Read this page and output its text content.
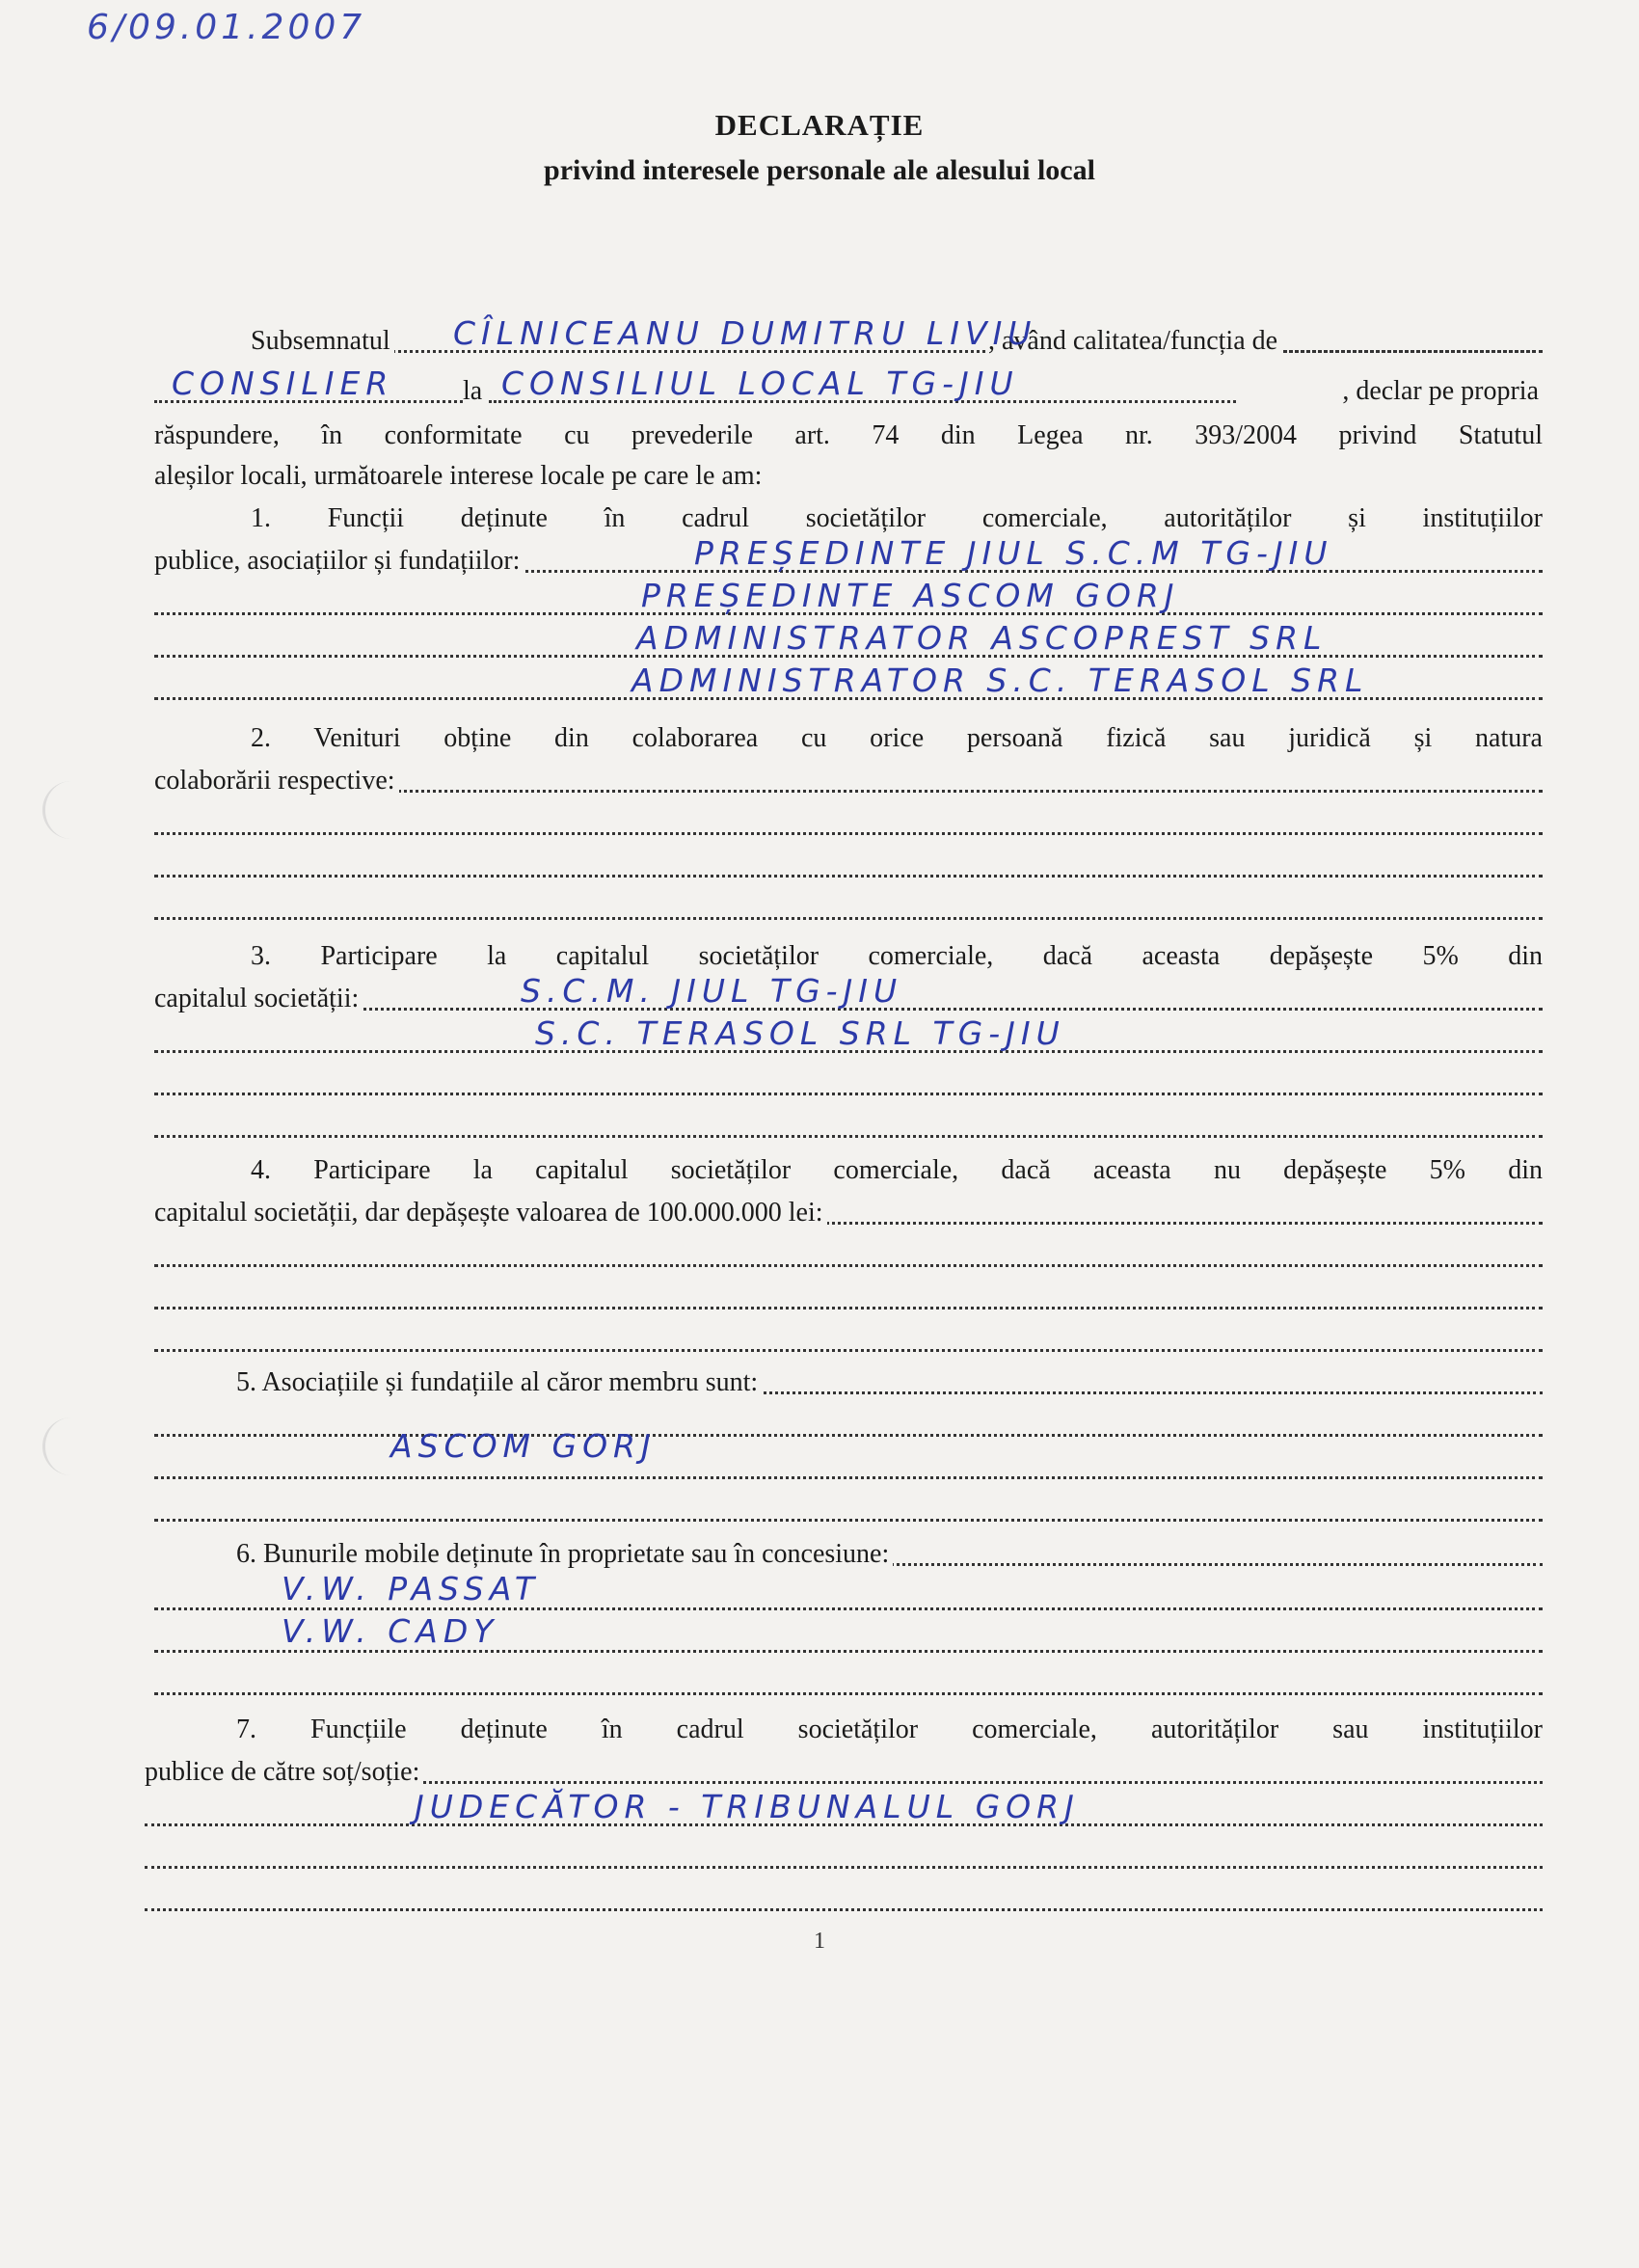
6/09.01.2007
DECLARAȚIE
privind interesele personale ale alesului local
Subsemnatul	CÎLNICEANU DUMITRU LIVIU
, având calitatea/funcția de
CONSILIER	la CONSILIUL LOCAL TG-JIU	, declar pe propria
răspundere, în conformitate cu prevederile art. 74 din Legea nr. 393/2004 privind Statutul
aleșilor locali, următoarele interese locale pe care le am:
1. Funcții deținute în cadrul societăților comerciale, autorităților și instituțiilor
publice, asociațiilor și fundațiilor:	PREȘEDINTE JIUL S.C.M TG-JIU
PREȘEDINTE ASCOM GORJ
ADMINISTRATOR ASCOPREST SRL
ADMINISTRATOR S.C. TERASOL SRL
2. Venituri obține din colaborarea cu orice persoană fizică sau juridică și natura
colaborării respective:
3. Participare la capitalul societăților comerciale, dacă aceasta depășește 5% din
capitalul societății:	S.C.M. JIUL TG-JIU
S.C. TERASOL SRL TG-JIU
4. Participare la capitalul societăților comerciale, dacă aceasta nu depășește 5% din
capitalul societății, dar depășește valoarea de 100.000.000 lei:
5. Asociațiile și fundațiile al căror membru sunt:
ASCOM GORJ
6. Bunurile mobile deținute în proprietate sau în concesiune:
V.W. PASSAT
V.W. CADY
7. Funcțiile deținute în cadrul societăților comerciale, autorităților sau instituțiilor
publice de către soț/soție:
JUDECĂTOR - TRIBUNALUL GORJ
1
